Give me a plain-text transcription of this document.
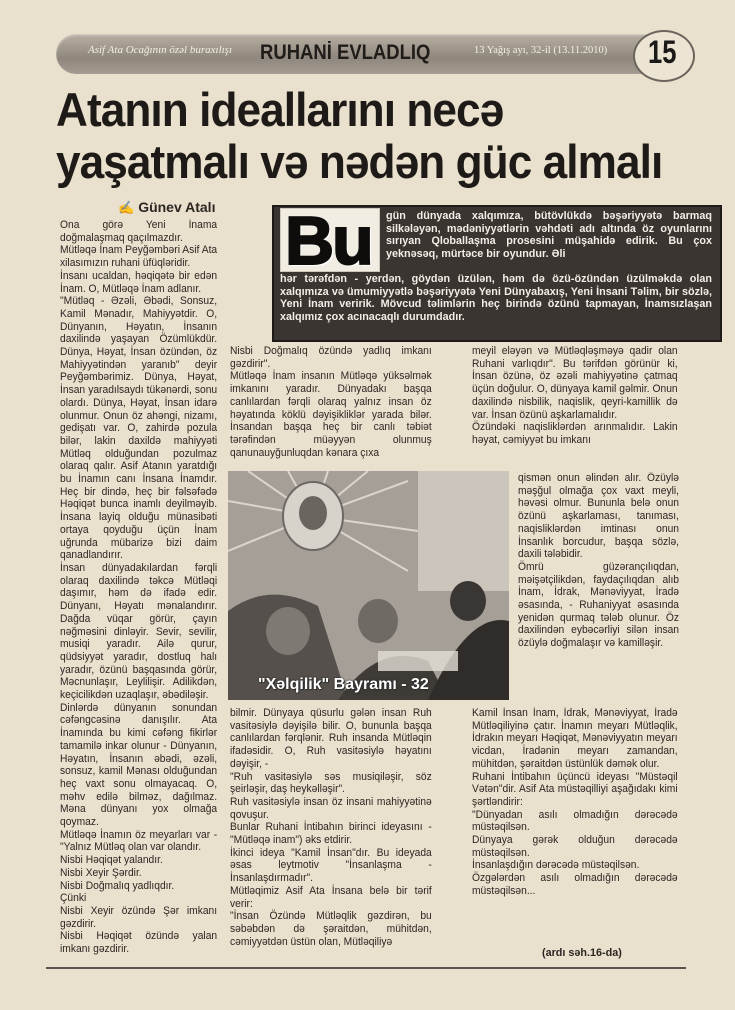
Asif Ata Ocağının özəl buraxılışı RUHANİ EVLADLIQ	13 Yağış ayı, 32-il (13.11.2010) 15
Atanın ideallarını necə
yaşatmalı və nədən güc almalı
✍ Günev Atalı Bu gün dünyada xalqımıza, bütövlükdə bəşəriyyətə barmaq silkələyən, mədəniyyətlərin vəhdəti adı altında öz oyunlarını sırıyan Qloballaşma prosesini müşahidə edirik. Bu çox yeknəsəq, mürtəce bir oyundur. Əli
hər tərəfdən - yerdən, göydən üzülən, həm də özü-özündən üzülməkdə olan xalqımıza və ümumiyyətlə bəşəriyyətə Yeni Dünyabaxış, Yeni İnsani Təlim, bir sözlə, Yeni İnam veririk. Mövcud təlimlərin heç birində özünü tapmayan, İnamsızlaşan xalqımız çox acınacaqlı durumdadır.
Ona görə Yeni İnama doğmalaşmaq qaçılmazdır.
Mütləqə İnam Peyğəmbəri Asif Ata xilasımızın ruhani üfüqləridir.
İnsanı ucaldan, həqiqətə bir edən İnam. O, Mütləqə İnam adlanır.
"Mütləq - Əzəli, Əbədi, Sonsuz, Kamil Mənadır, Mahiyyətdir. O, Dünyanın, Həyatın, İnsanın daxilində yaşayan Özümlükdür. Dünya, Həyat, İnsan özündən, öz Mahiyyətindən yaranıb" deyir Peyğəmbərimiz. Dünya, Həyat, İnsan yaradılsaydı tükənərdi, sonu olardı. Dünya, Həyat, İnsan idarə olunmur. Onun öz ahəngi, nizamı, gedişatı var. O, zahirdə pozula bilər, lakin daxildə mahiyyəti Mütləq olduğundan pozulmaz olaraq qalır. Asif Atanın yaratdığı bu İnamın canı İnsana İnamdır. Heç bir dində, heç bir fəlsəfədə Həqiqət bunca inamlı deyilməyib. İnsana layiq olduğu münasibəti ortaya qoyduğu üçün İnam uğrunda mübarizə bizi daim qanadlandırır.
İnsan dünyadakılardan fərqli olaraq daxilində təkcə Mütləqi daşımır, həm də ifadə edir. Dünyanı, Həyatı mənalandırır. Dağda vüqar görür, çayın nəğməsini dinləyir. Sevir, sevilir, musiqi yaradır. Ailə qurur, qüdsiyyət yaradır, dostluq halı yaradır, özünü başqasında görür, Məcnunlaşır, Leylilişir. Adilikdən, keçicilikdən uzaqlaşır, əbədiləşir.
Dinlərdə dünyanın sonundan cəfəngcəsinə danışılır. Ata İnamında bu kimi cəfəng fikirlər tamamilə inkar olunur - Dünyanın, Həyatın, İnsanın əbədi, əzəli, sonsuz, kamil Mənası olduğundan heç vaxt sonu olmayacaq. O, məhv edilə bilməz, dağılmaz. Məna dünyanı yox olmağa qoymaz.
Mütləqə İnamın öz meyarları var - "Yalnız Mütləq olan var olandır.
Nisbi Həqiqət yalandır.
Nisbi Xeyir Şərdir.
Nisbi Doğmalıq yadlıqdır.
Çünki
Nisbi Xeyir özündə Şər imkanı gəzdirir.
Nisbi Həqiqət özündə yalan imkanı gəzdirir.
Nisbi Doğmalıq özündə yadlıq imkanı gəzdirir".
Mütləqə İnam insanın Mütləqə yüksəlmək imkanını yaradır. Dünyadakı başqa canlılardan fərqli olaraq yalnız insan öz həyatında köklü dəyişikliklər yarada bilər. İnsandan başqa heç bir canlı təbiət tərəfindən müəyyən olunmuş qanunauyğunluqdan kənara çıxa
bilmir. Dünyaya qüsurlu gələn insan Ruh vasitəsiylə dəyişilə bilir. O, bununla başqa canlılardan fərqlənir. Ruh insanda Mütləqin ifadəsidir. O, Ruh vasitəsiylə həyatını dəyişir, -
"Ruh vasitəsiylə səs musiqiləşir, söz şeirləşir, daş heykəlləşir".
Ruh vasitəsiylə insan öz insani mahiyyətinə qovuşur.
Bunlar Ruhani İntibahın birinci ideyasını - "Mütləqə inam") əks etdirir.
İkinci ideya "Kamil İnsan"dır. Bu ideyada əsas leytmotiv "İnsanlaşma - İnsanlaşdırmadır".
Mütləqimiz Asif Ata İnsana belə bir tərif verir:
"İnsan Özündə Mütləqlik gəzdirən, bu səbəbdən də şəraitdən, mühitdən, cəmiyyətdən üstün olan, Mütləqiliyə
meyil eləyən və Mütləqləşməyə qadir olan Ruhani varlıqdır". Bu tərifdən görünür ki, İnsan özünə, öz əzəli mahiyyətinə çatmaq üçün doğulur. O, dünyaya kamil gəlmir. Onun daxilində nisbilik, naqislik, qeyri-kamillik də var. İnsan özünü aşkarlamalıdır.
Özündəki naqisliklərdən arınmalıdır. Lakin həyat, cəmiyyət bu imkanı
qismən onun əlindən alır. Özüylə məşğul olmağa çox vaxt meyli, həvəsi olmur. Bununla belə onun özünü aşkarlaması, tanıması, naqisliklərdən imtinası onun İnsanlık borcudur, başqa sözlə, daxili tələbidir.
Ömrü güzərançılıqdan, məişətçilikdən, faydaçılıqdan alıb İnam, İdrak, Mənəviyyat, İradə əsasında, - Ruhaniyyat əsasında yenidən qurmaq tələb olunur. Öz daxilindən eybəcərliyi silən insan özüylə doğmalaşır və kamilləşir.
Kamil İnsan İnam, İdrak, Mənəviyyat, İradə Mütləqiliyinə çatır. İnamın meyarı Mütləqlik, İdrakın meyarı Həqiqət, Mənəviyyatın meyarı vicdan, İradənin meyarı zamandan, mühitdən, şəraitdən üstünlük dəmək olur.
Ruhani İntibahın üçüncü ideyası "Müstəqil Vətən"dir. Asif Ata müstəqilliyi aşağıdakı kimi şərtləndirir:
"Dünyadan asılı olmadığın dərəcədə müstəqilsən.
Dünyaya gərək olduğun dərəcədə müstəqilsən.
İnsanlaşdığın dərəcədə müstəqilsən.
Özgələrdən asılı olmadığın dərəcədə müstəqilsən...
"Xəlqilik" Bayramı - 32
(ardı səh.16-da)
